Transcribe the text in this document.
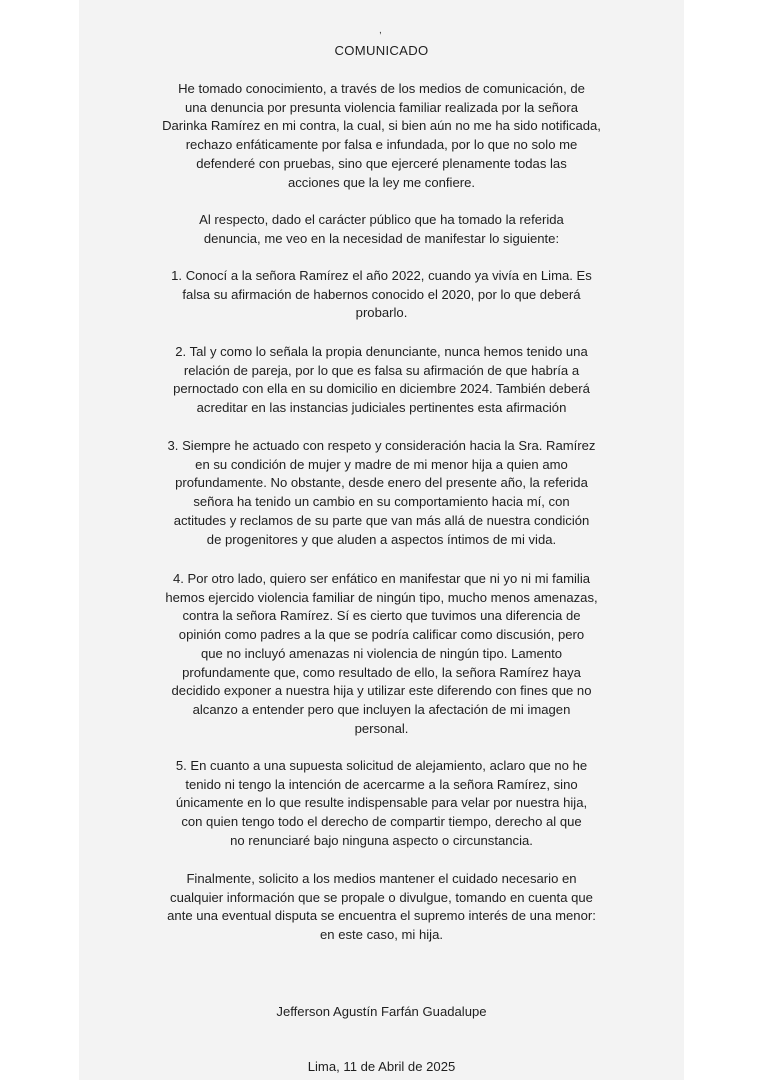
,
COMUNICADO
He tomado conocimiento, a través de los medios de comunicación, de
una denuncia por presunta violencia familiar realizada por la señora
Darinka Ramírez en mi contra, la cual, si bien aún no me ha sido notificada,
rechazo enfáticamente por falsa e infundada, por lo que no solo me
defenderé con pruebas, sino que ejerceré plenamente todas las
acciones que la ley me confiere.
Al respecto, dado el carácter público que ha tomado la referida
denuncia, me veo en la necesidad de manifestar lo siguiente:
1. Conocí a la señora Ramírez el año 2022, cuando ya vivía en Lima. Es
falsa su afirmación de habernos conocido el 2020, por lo que deberá
probarlo.
2. Tal y como lo señala la propia denunciante, nunca hemos tenido una
relación de pareja, por lo que es falsa su afirmación de que habría a
pernoctado con ella en su domicilio en diciembre 2024. También deberá
acreditar en las instancias judiciales pertinentes esta afirmación
3. Siempre he actuado con respeto y consideración hacia la Sra. Ramírez
en su condición de mujer y madre de mi menor hija a quien amo
profundamente. No obstante, desde enero del presente año, la referida
señora ha tenido un cambio en su comportamiento hacia mí, con
actitudes y reclamos de su parte que van más allá de nuestra condición
de progenitores y que aluden a aspectos íntimos de mi vida.
4. Por otro lado, quiero ser enfático en manifestar que ni yo ni mi familia
hemos ejercido violencia familiar de ningún tipo, mucho menos amenazas,
contra la señora Ramírez. Sí es cierto que tuvimos una diferencia de
opinión como padres a la que se podría calificar como discusión, pero
que no incluyó amenazas ni violencia de ningún tipo. Lamento
profundamente que, como resultado de ello, la señora Ramírez haya
decidido exponer a nuestra hija y utilizar este diferendo con fines que no
alcanzo a entender pero que incluyen la afectación de mi imagen
personal.
5. En cuanto a una supuesta solicitud de alejamiento, aclaro que no he
tenido ni tengo la intención de acercarme a la señora Ramírez, sino
únicamente en lo que resulte indispensable para velar por nuestra hija,
con quien tengo todo el derecho de compartir tiempo, derecho al que
no renunciaré bajo ninguna aspecto o circunstancia.
Finalmente, solicito a los medios mantener el cuidado necesario en
cualquier información que se propale o divulgue, tomando en cuenta que
ante una eventual disputa se encuentra el supremo interés de una menor:
en este caso, mi hija.
Jefferson Agustín Farfán Guadalupe
Lima, 11 de Abril de 2025
